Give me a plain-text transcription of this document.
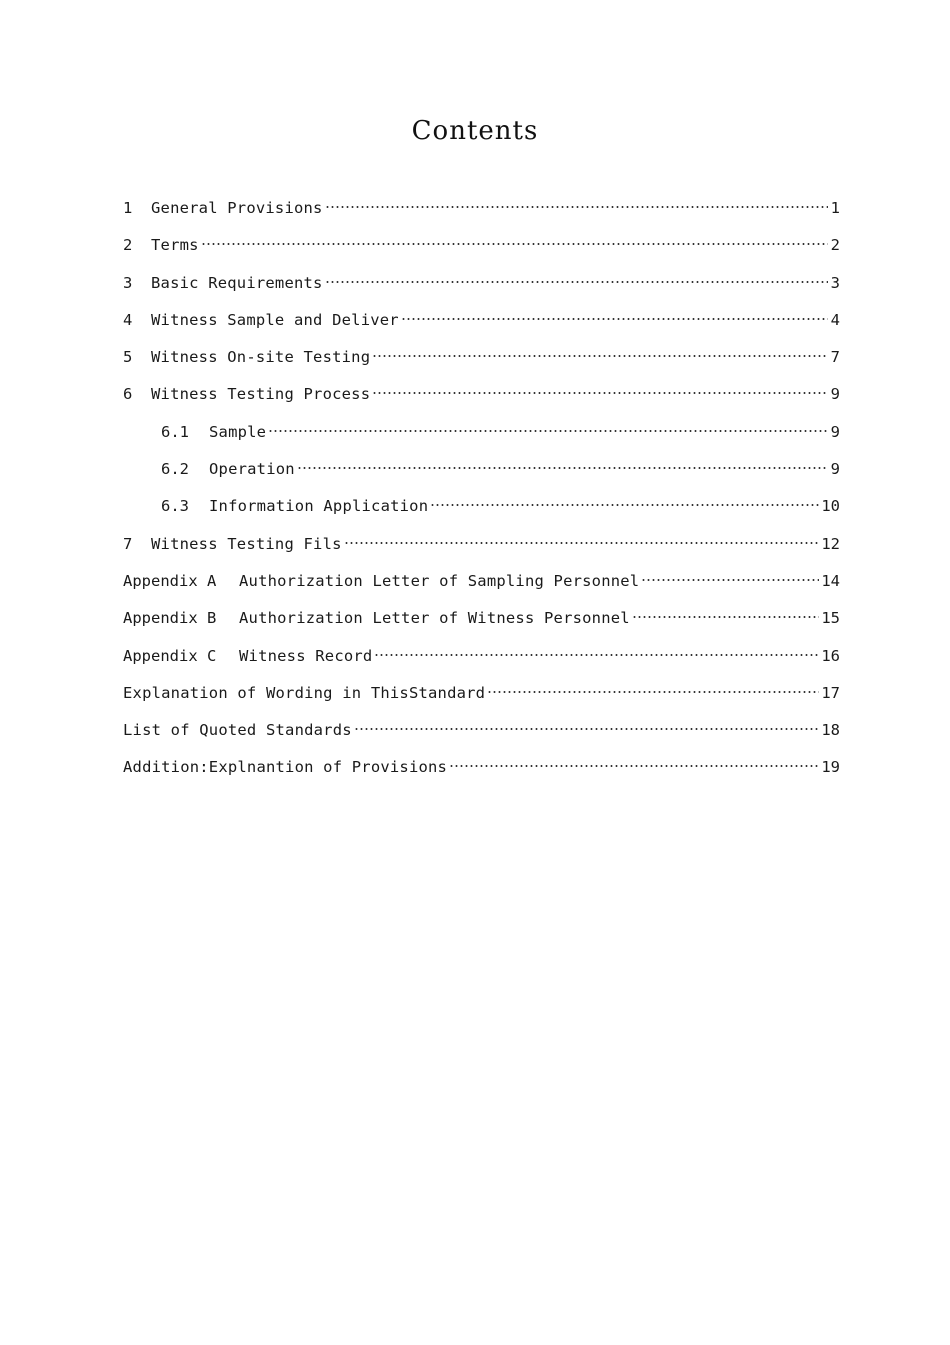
Contents
1	General Provisions	1
2	Terms	2
3	Basic Requirements	3
4	Witness Sample and Deliver	4
5	Witness On-site Testing	7
6	Witness Testing Process	9
6.1	Sample	9
6.2	Operation	9
6.3	Information Application	10
7	Witness Testing Fils	12
Appendix A	Authorization Letter of Sampling Personnel	14
Appendix B	Authorization Letter of Witness Personnel	15
Appendix C	Witness Record	16
Explanation of Wording in ThisStandard	17
List of Quoted Standards	18
Addition:Explnantion of Provisions	19
